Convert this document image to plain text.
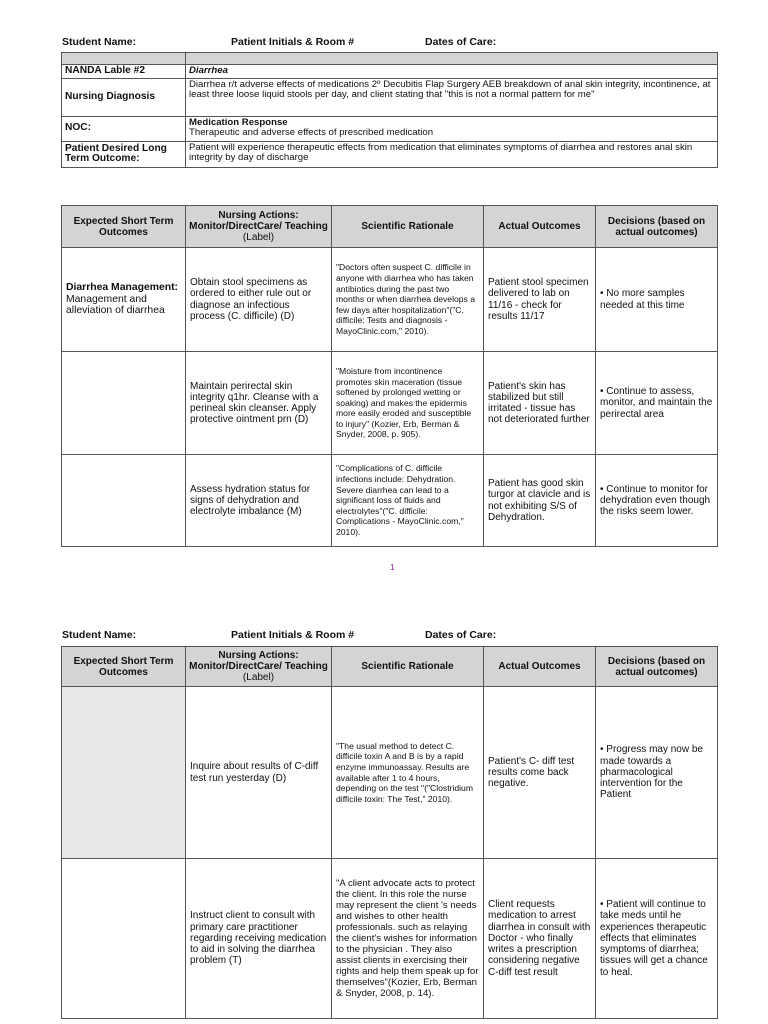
Student Name:	Patient Initials & Room #	Dates of Care:

NANDA Lable #2	Diarrhea
Nursing Diagnosis	Diarrhea r/t adverse effects of medications 2º Decubitis Flap Surgery AEB breakdown of anal skin integrity, incontinence, at least three loose liquid stools per day, and client stating that "this is not a normal pattern for me"
NOC:	Medication Response
Therapeutic and adverse effects of prescribed medication

Patient Desired Long Term Outcome:	Patient will experience therapeutic effects from medication that eliminates symptoms of diarrhea and restores anal skin integrity by day of discharge
Expected Short Term Outcomes	Nursing Actions: Monitor/DirectCare/ Teaching (Label)	Scientific Rationale	Actual Outcomes	Decisions (based on actual outcomes)

Diarrhea Management:
Management and alleviation of diarrhea	Obtain stool specimens as ordered to either rule out or diagnose an infectious process (C. difficile) (D)	"Doctors often suspect C. difficile in anyone with diarrhea who has taken antibiotics during the past two months or when diarrhea develops a few days after hospitalization"("C. difficile: Tests and diagnosis - MayoClinic.com," 2010).	Patient stool specimen delivered to lab on 11/16 - check for results 11/17	• No more samples needed at this time
	Maintain perirectal skin integrity q1hr. Cleanse with a perineal skin cleanser. Apply protective ointment prn (D)	"Moisture from incontinence promotes skin maceration (tissue softened by prolonged wetting or soaking) and makes the epidermis more easily eroded and susceptible to injury" (Kozier, Erb, Berman & Snyder, 2008, p. 905).	Patient's skin has stabilized but still irritated - tissue has not deteriorated further	• Continue to assess, monitor, and maintain the perirectal area
	Assess hydration status for signs of dehydration and electrolyte imbalance (M)	"Complications of C. difficile infections include: Dehydration. Severe diarrhea can lead to a significant loss of fluids and electrolytes"("C. difficile: Complications - MayoClinic.com," 2010).	Patient has good skin turgor at clavicle and is not exhibiting S/S of Dehydration.	• Continue to monitor for dehydration even though the risks seem lower.
1
Student Name:	Patient Initials & Room #	Dates of Care:
Expected Short Term Outcomes	Nursing Actions: Monitor/DirectCare/ Teaching (Label)	Scientific Rationale	Actual Outcomes	Decisions (based on actual outcomes)
	Inquire about results of C-diff test run yesterday (D)	"The usual method to detect C. difficile toxin A and B is by a rapid enzyme immunoassay. Results are available after 1 to 4 hours, depending on the test "("Clostridium difficile toxin: The Test," 2010).	Patient's C- diff test results come back negative.	• Progress may now be made towards a pharmacological intervention for the Patient
	Instruct client to consult with primary care practitioner regarding receiving medication to aid in solving the diarrhea problem (T)	"A client advocate acts to protect the client. In this role the nurse may represent the client 's needs and wishes to other health professionals. such as relaying the client's wishes for information to the physician . They also assist clients in exercising their rights and help them speak up for themselves"(Kozier, Erb, Berman & Snyder, 2008, p. 14).	Client requests medication to arrest diarrhea in consult with Doctor - who finally writes a prescription considering negative C-diff test result	• Patient will continue to take meds until he experiences therapeutic effects that eliminates symptoms of diarrhea; tissues will get a chance to heal.
